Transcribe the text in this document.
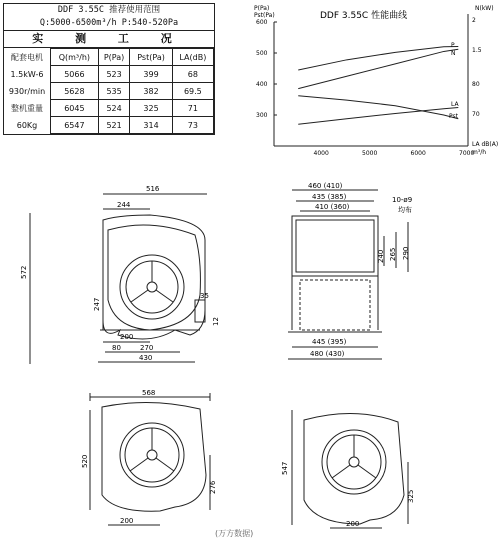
DDF 3.55C 推荐使用范围
Q:5000-6500m³/h P:540-520Pa
实 测 工 况
配套电机	Q(m³/h)	P(Pa)	Pst(Pa)	LA(dB)
1.5kW-6	5066	523	399	68
930r/min	5628	535	382	69.5
整机重量	6045	524	325	71
60Kg	6547	521	314	73
DDF 3.55C 性能曲线
P(Pa)
Pst(Pa)
N(kW)
LA dB(A)
m³/h
600
500
400
300
4000	5000	6000	7000
2
1.5
80
70
P
N
LA
Pst
516
244
572
247
35
12
200
80	270
430
460 (410)
435 (385)
410 (360)
10-ø9
均布
240 265 290
445 (395)
480 (430)
568
520
276
200
547
325
200
(万方数据)
